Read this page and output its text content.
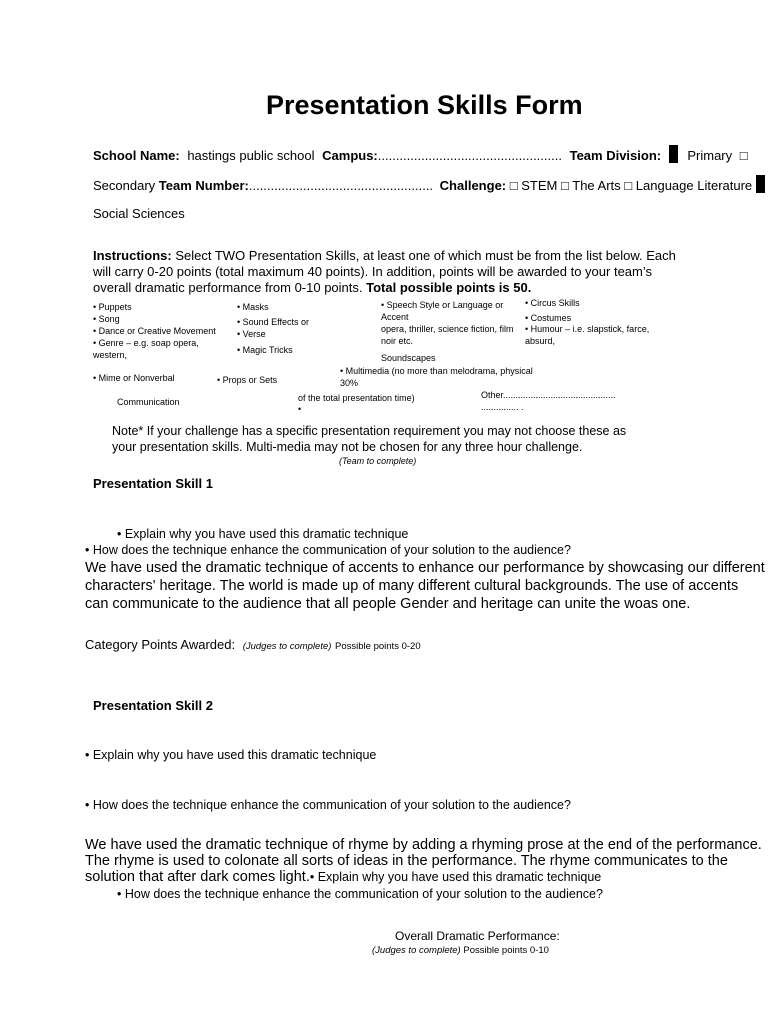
Presentation Skills Form
School Name: hastings public school Campus:................................................... Team Division: Primary □
Secondary Team Number:................................................... Challenge: □ STEM □ The Arts □ Language Literature
Social Sciences
Instructions: Select TWO Presentation Skills, at least one of which must be from the list below. Each
will carry 0-20 points (total maximum 40 points). In addition, points will be awarded to your team’s
overall dramatic performance from 0-10 points. Total possible points is 50.
• Puppets
• Song
• Dance or Creative Movement
• Genre – e.g. soap opera,
western,
• Mime or Nonverbal
Communication
• Masks
• Sound Effects or
• Verse
• Magic Tricks
• Props or Sets
• Speech Style or Language or
Accent
opera, thriller, science fiction, film
noir etc.
Soundscapes
• Multimedia (no more than melodrama, physical
30%
of the total presentation time)
•
• Circus Skills
• Costumes
• Humour – i.e. slapstick, farce,
absurd,
Other.............................................
............... .
Note* If your challenge has a specific presentation requirement you may not choose these as
your presentation skills. Multi-media may not be chosen for any three hour challenge.
(Team to complete)
Presentation Skill 1
• Explain why you have used this dramatic technique
• How does the technique enhance the communication of your solution to the audience?
We have used the dramatic technique of accents to enhance our performance by showcasing our different
characters' heritage. The world is made up of many different cultural backgrounds. The use of accents
can communicate to the audience that all people Gender and heritage can unite the woas one.
Category Points Awarded: (Judges to complete) Possible points 0-20
Presentation Skill 2
• Explain why you have used this dramatic technique
• How does the technique enhance the communication of your solution to the audience?
We have used the dramatic technique of rhyme by adding a rhyming prose at the end of the performance.
The rhyme is used to colonate all sorts of ideas in the performance. The rhyme communicates to the
solution that after dark comes light.• Explain why you have used this dramatic technique
• How does the technique enhance the communication of your solution to the audience?
Overall Dramatic Performance:
(Judges to complete) Possible points 0-10
